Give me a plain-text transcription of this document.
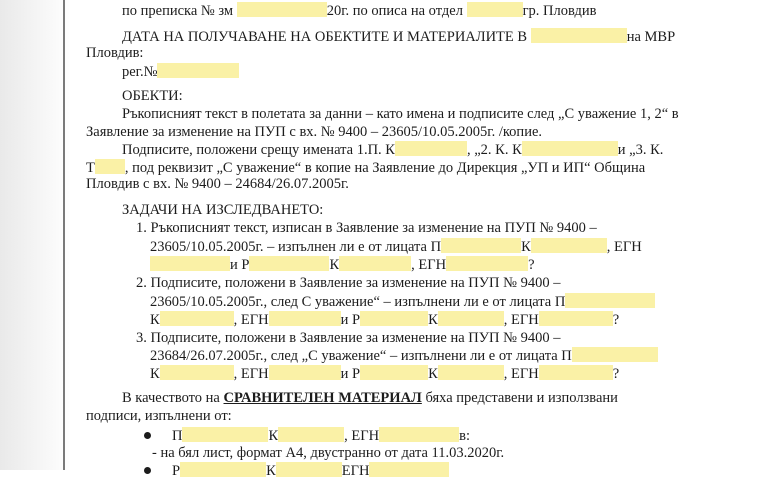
по преписка № зм	20г. по описа на отдел	гр. Пловдив
ДАТА НА ПОЛУЧАВАНЕ НА ОБЕКТИТЕ И МАТЕРИАЛИТЕ В	на МВР
Пловдив:
рег.№
ОБЕКТИ:
Ръкописният текст в полетата за данни – като имена и подписите след „С уважение 1, 2“ в
Заявление за изменение на ПУП с вх. № 9400 – 23605/10.05.2005г. /копие.
Подписите, положени срещу имената 1.П. К	, „2. К. К	и „3. К.
Т , под реквизит „С уважение“ в копие на Заявление до Дирекция „УП и ИП“ Община
Пловдив с вх. № 9400 – 24684/26.07.2005г.
ЗАДАЧИ НА ИЗСЛЕДВАНЕТО:
1. Ръкописният текст, изписан в Заявление за изменение на ПУП № 9400 –
23605/10.05.2005г. – изпълнен ли е от лицата П	К	, ЕГН
и Р	К	, ЕГН	?
2. Подписите, положени в Заявление за изменение на ПУП № 9400 –
23605/10.05.2005г., след С уважение“ – изпълнени ли е от лицата П
К	, ЕГН	и Р	К	, ЕГН	?
3. Подписите, положени в Заявление за изменение на ПУП № 9400 –
23684/26.07.2005г., след „С уважение“ – изпълнени ли е от лицата П
К	, ЕГН	и Р	К	, ЕГН	?
В качеството на СРАВНИТЕЛЕН МАТЕРИАЛ бяха представени и използвани
подписи, изпълнени от:
П	К	, ЕГН	в:
- на бял лист, формат А4, двустранно от дата 11.03.2020г.
Р	К	ЕГН
